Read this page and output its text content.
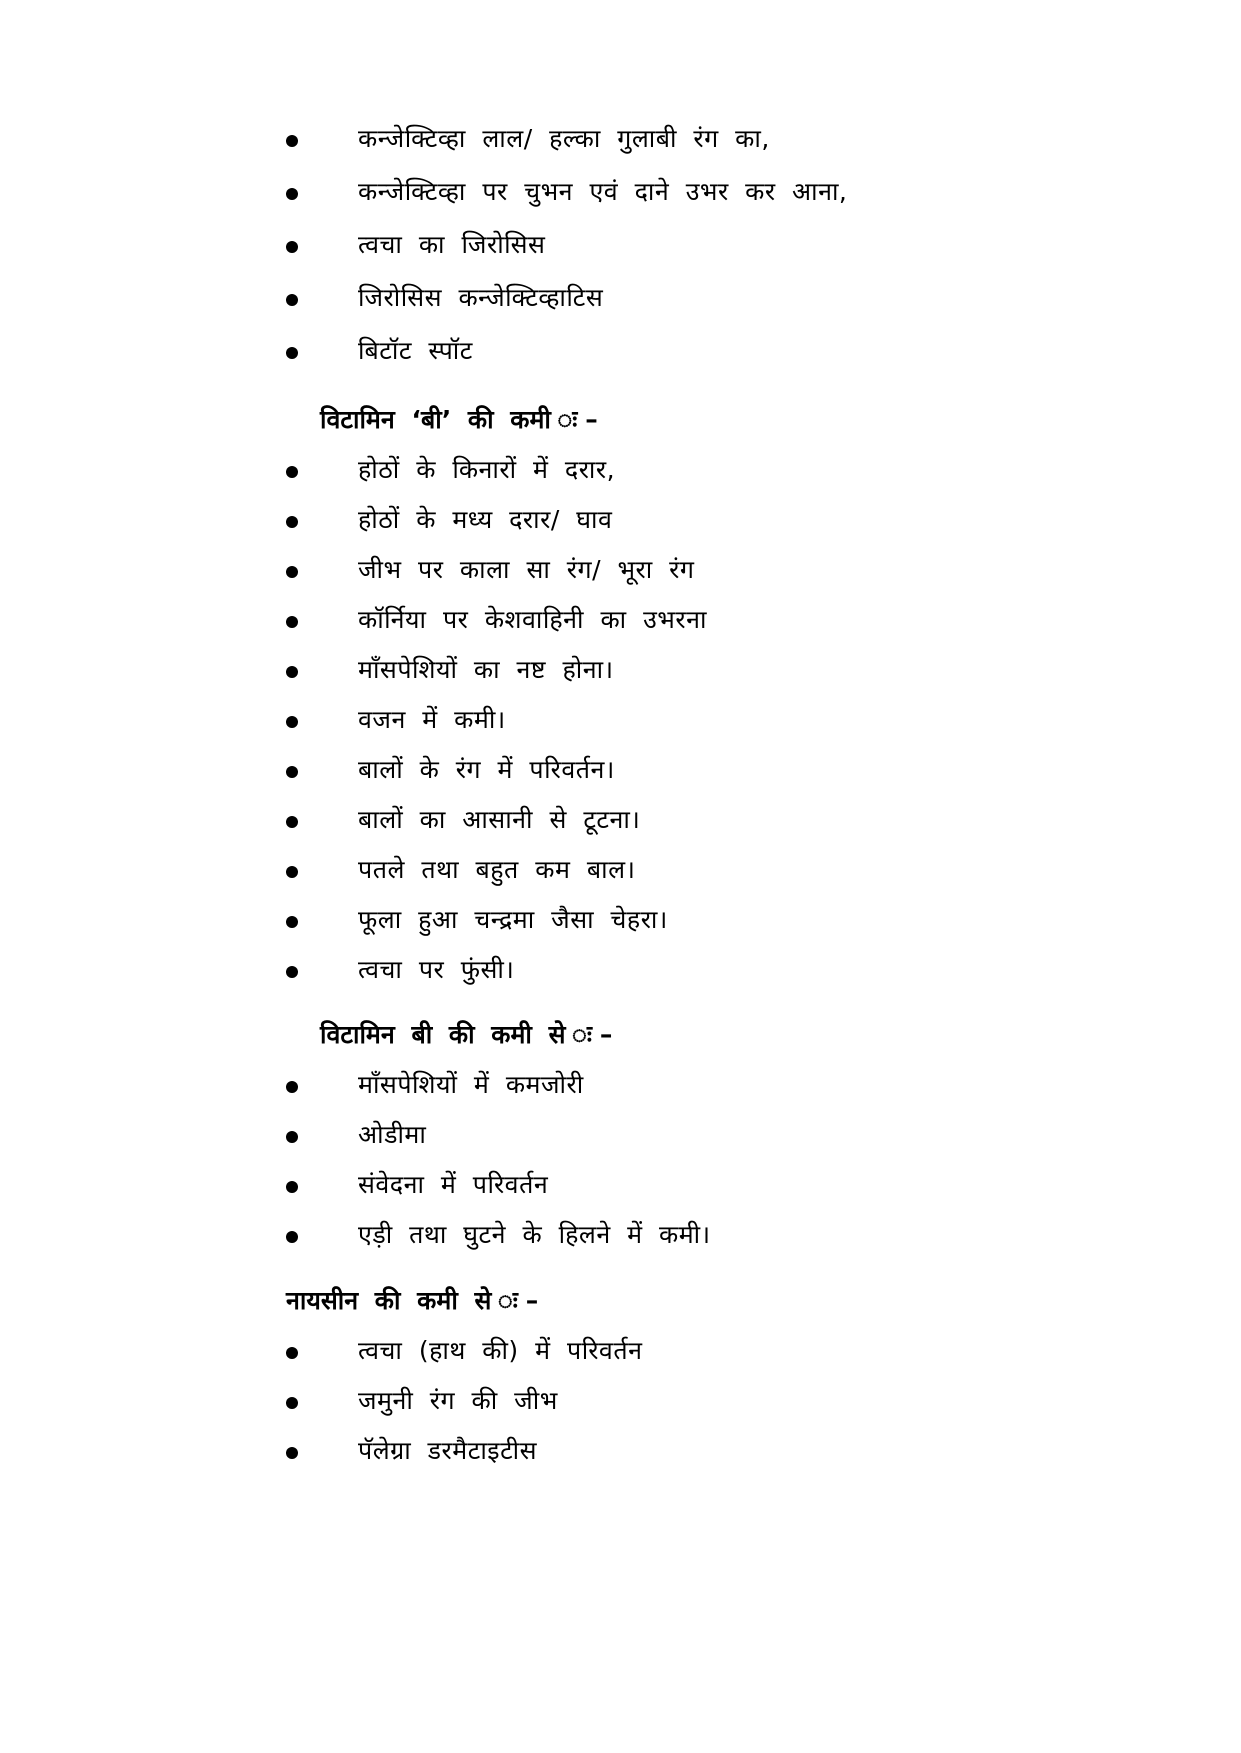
कन्जेक्टिव्हा लाल/ हल्का गुलाबी रंग का,
कन्जेक्टिव्हा पर चुभन एवं दाने उभर कर आना,
त्वचा का जिरोसिस
जिरोसिस कन्जेक्टिव्हाटिस
बिटॉट स्पॉट
विटामिन ‘बी’ की कमी ः–
होठों के किनारों में दरार,
होठों के मध्य दरार/ घाव
जीभ पर काला सा रंग/ भूरा रंग
कॉर्निया पर केशवाहिनी का उभरना
माँसपेशियों का नष्ट होना।
वजन में कमी।
बालों के रंग में परिवर्तन।
बालों का आसानी से टूटना।
पतले तथा बहुत कम बाल।
फूला हुआ चन्द्रमा जैसा चेहरा।
त्वचा पर फुंसी।
विटामिन बी की कमी से ः–
माँसपेशियों में कमजोरी
ओडीमा
संवेदना में परिवर्तन
एड़ी तथा घुटने के हिलने में कमी।
नायसीन की कमी से ः–
त्वचा (हाथ की) में परिवर्तन
जमुनी रंग की जीभ
पॅलेग्रा डरमैटाइटीस
